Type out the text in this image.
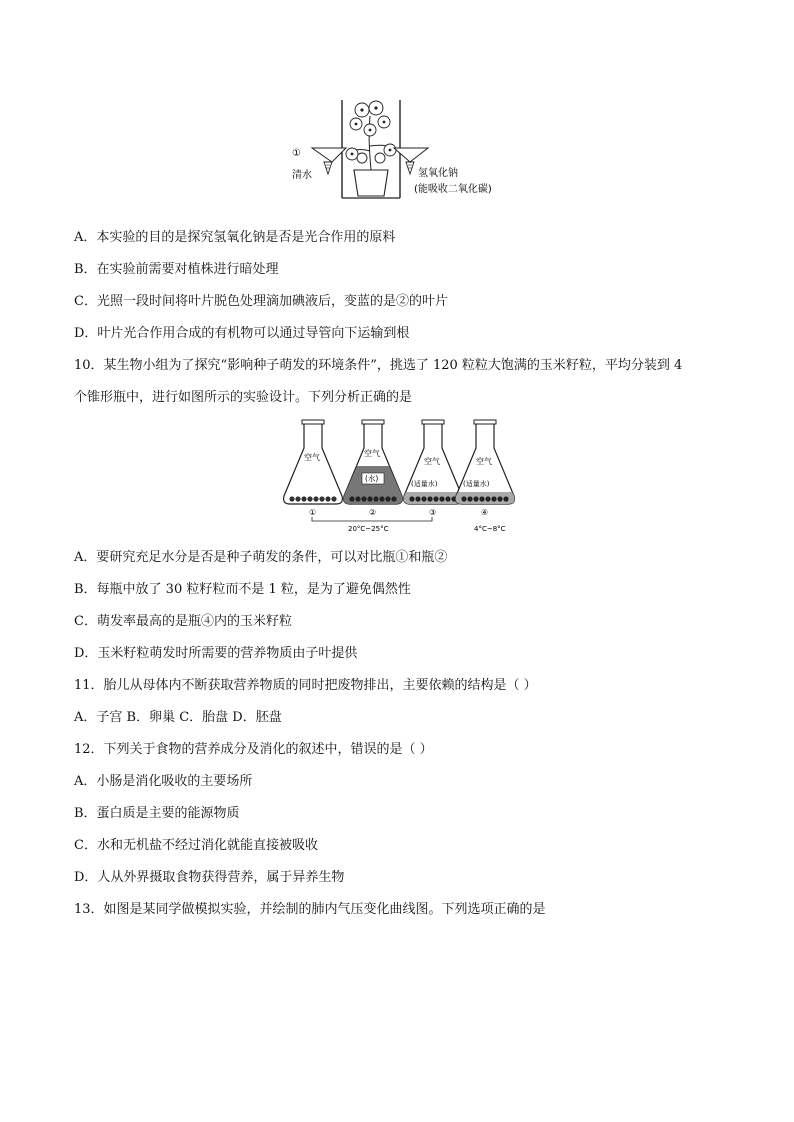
①
清水	氢氧化钠
(能吸收二氧化碳)
A．本实验的目的是探究氢氧化钠是否是光合作用的原料
B．在实验前需要对植株进行暗处理
C．光照一段时间将叶片脱色处理滴加碘液后，变蓝的是②的叶片
D．叶片光合作用合成的有机物可以通过导管向下运输到根
10．某生物小组为了探究“影响种子萌发的环境条件”，挑选了 120 粒粒大饱满的玉米籽粒，平均分装到 4
个锥形瓶中，进行如图所示的实验设计。下列分析正确的是
空气	空气
(水)
空气
(适量水)
空气
(适量水)
①	②	③	④
20°C~25°C	4°C~8°C
A．要研究充足水分是否是种子萌发的条件，可以对比瓶①和瓶②
B．每瓶中放了 30 粒籽粒而不是 1 粒，是为了避免偶然性
C．萌发率最高的是瓶④内的玉米籽粒
D．玉米籽粒萌发时所需要的营养物质由子叶提供
11．胎儿从母体内不断获取营养物质的同时把废物排出，主要依赖的结构是（ ）
A．子宫 B．卵巢 C．胎盘 D．胚盘
12．下列关于食物的营养成分及消化的叙述中，错误的是（ ）
A．小肠是消化吸收的主要场所
B．蛋白质是主要的能源物质
C．水和无机盐不经过消化就能直接被吸收
D．人从外界摄取食物获得营养，属于异养生物
13．如图是某同学做模拟实验，并绘制的肺内气压变化曲线图。下列选项正确的是
